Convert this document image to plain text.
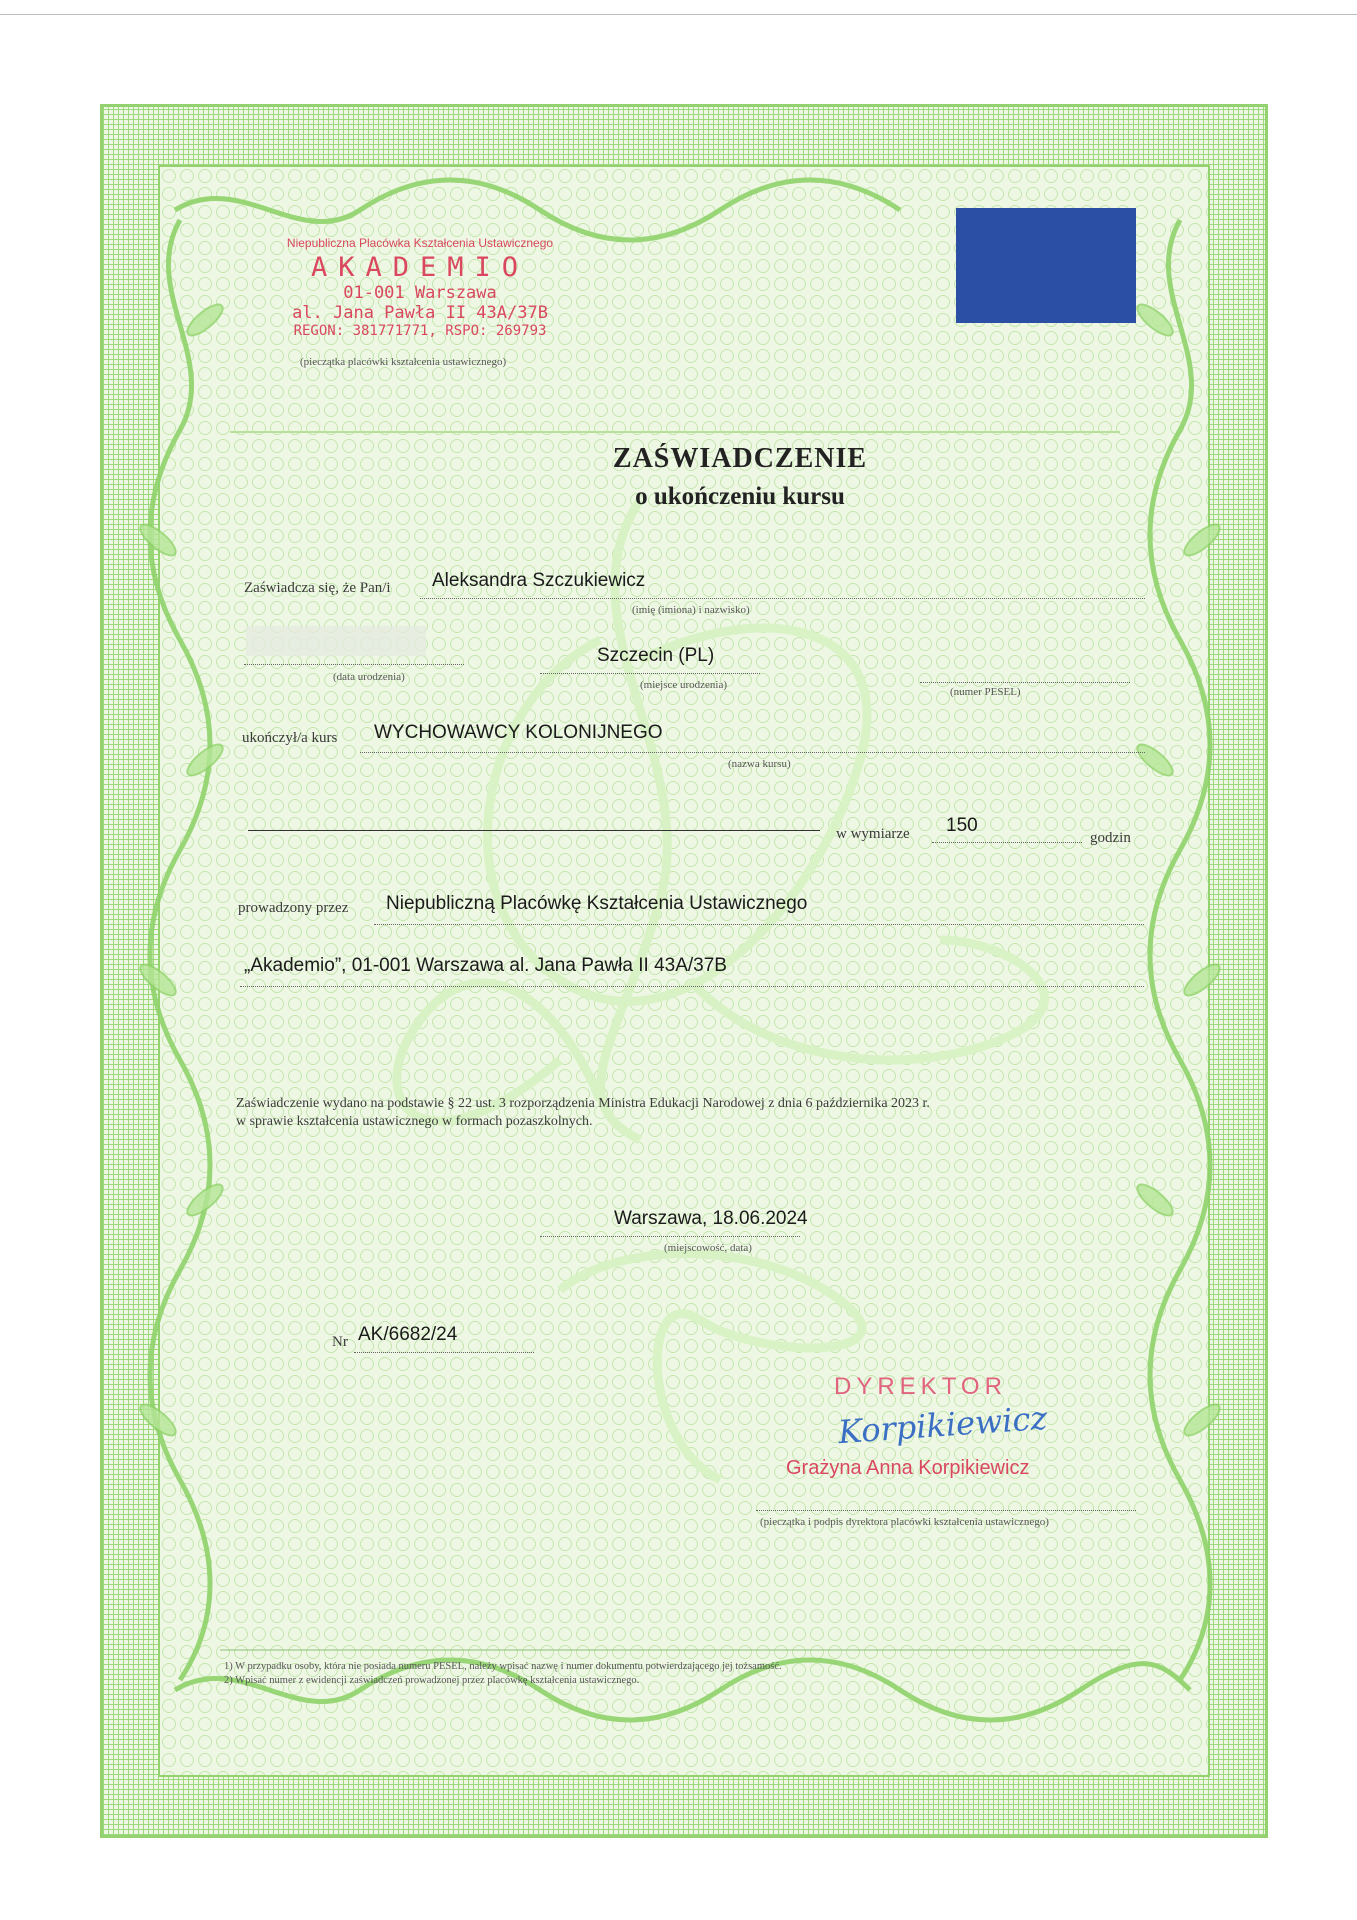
Niepubliczna Placówka Kształcenia Ustawicznego
AKADEMIO
01-001 Warszawa
al. Jana Pawła II 43A/37B
REGON: 381771771, RSPO: 269793
(pieczątka placówki kształcenia ustawicznego)
ZAŚWIADCZENIE
o ukończeniu kursu
Zaświadcza się, że Pan/i Aleksandra Szczukiewicz
(imię (imiona) i nazwisko)
(data urodzenia)
Szczecin (PL)
(miejsce urodzenia)
(numer PESEL)
ukończył/a kurs WYCHOWAWCY KOLONIJNEGO
(nazwa kursu)
w wymiarze 150
godzin
prowadzony przez Niepubliczną Placówkę Kształcenia Ustawicznego
„Akademio”, 01-001 Warszawa al. Jana Pawła II 43A/37B
Zaświadczenie wydano na podstawie § 22 ust. 3 rozporządzenia Ministra Edukacji Narodowej z dnia 6 października 2023 r.
w sprawie kształcenia ustawicznego w formach pozaszkolnych.
Warszawa, 18.06.2024
(miejscowość, data)
Nr AK/6682/24
DYREKTOR
Korpikiewicz
Grażyna Anna Korpikiewicz
(pieczątka i podpis dyrektora placówki kształcenia ustawicznego)
1) W przypadku osoby, która nie posiada numeru PESEL, należy wpisać nazwę i numer dokumentu potwierdzającego jej tożsamość.
2) Wpisać numer z ewidencji zaświadczeń prowadzonej przez placówkę kształcenia ustawicznego.
